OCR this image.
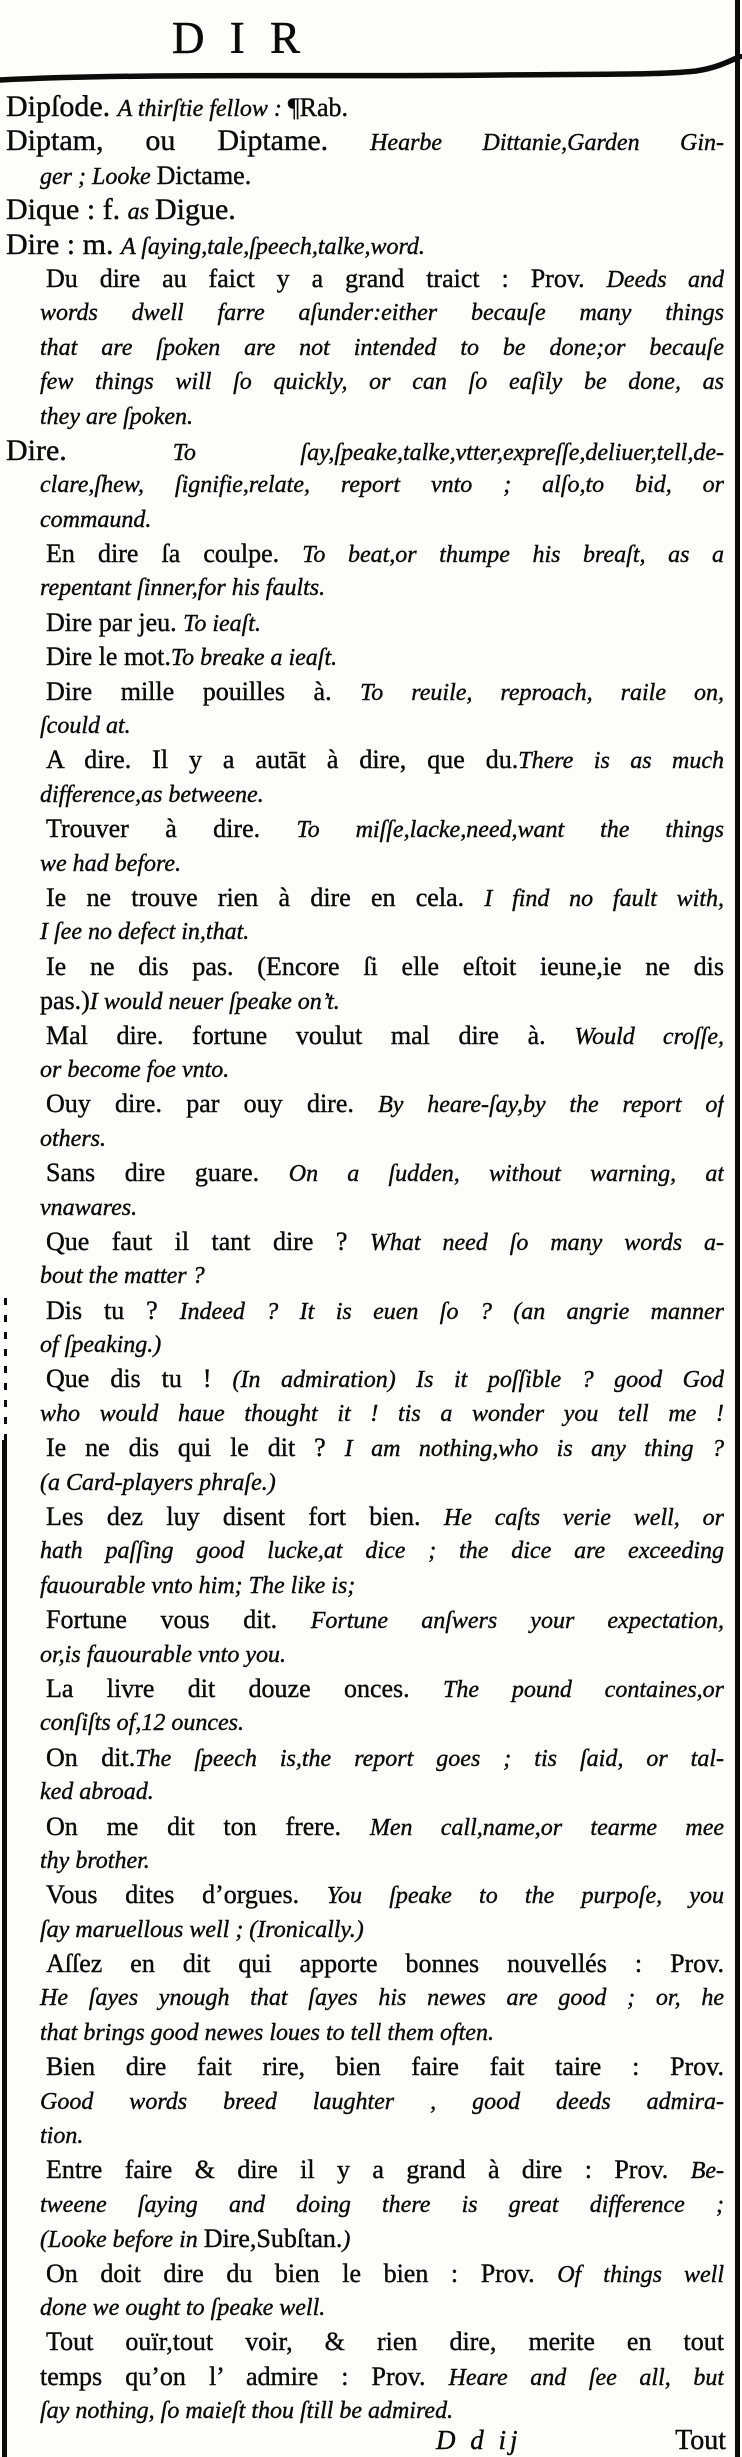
D I R
Dipſode. A thirſtie fellow : ¶Rab.
Diptam, ou Diptame. Hearbe Dittanie,Garden Gin-
ger ; Looke Dictame.
Dique : f. as Digue.
Dire : m. A ſaying,tale,ſpeech,talke,word.
Du dire au faict y a grand traict : Prov. Deeds and
words dwell farre aſunder:either becauſe many things
that are ſpoken are not intended to be done;or becauſe
few things will ſo quickly, or can ſo eaſily be done, as
they are ſpoken.
Dire. To ſay,ſpeake,talke,vtter,expreſſe,deliuer,tell,de-
clare,ſhew, ſignifie,relate, report vnto ; alſo,to bid, or
commaund.
En dire ſa coulpe. To beat,or thumpe his breaſt, as a
repentant ſinner,for his faults.
Dire par jeu. To ieaſt.
Dire le mot.To breake a ieaſt.
Dire mille pouilles à. To reuile, reproach, raile on,
ſcould at.
A dire. Il y a autāt à dire, que du.There is as much
difference,as betweene.
Trouver à dire. To miſſe,lacke,need,want the things
we had before.
Ie ne trouve rien à dire en cela. I find no fault with,
I ſee no defect in,that.
Ie ne dis pas. (Encore ſi elle eſtoit ieune,ie ne dis
pas.)I would neuer ſpeake on’t.
Mal dire. fortune voulut mal dire à. Would croſſe,
or become foe vnto.
Ouy dire. par ouy dire. By heare-ſay,by the report of
others.
Sans dire guare. On a ſudden, without warning, at
vnawares.
Que faut il tant dire ? What need ſo many words a-
bout the matter ?
Dis tu ? Indeed ? It is euen ſo ? (an angrie manner
of ſpeaking.)
Que dis tu ! (In admiration) Is it poſſible ? good God
who would haue thought it ! tis a wonder you tell me !
Ie ne dis qui le dit ? I am nothing,who is any thing ?
(a Card-players phraſe.)
Les dez luy disent fort bien. He caſts verie well, or
hath paſſing good lucke,at dice ; the dice are exceeding
fauourable vnto him; The like is;
Fortune vous dit. Fortune anſwers your expectation,
or,is fauourable vnto you.
La livre dit douze onces. The pound containes,or
conſiſts of,12 ounces.
On dit.The ſpeech is,the report goes ; tis ſaid, or tal-
ked abroad.
On me dit ton frere. Men call,name,or tearme mee
thy brother.
Vous dites d’orgues. You ſpeake to the purpoſe, you
ſay maruellous well ; (Ironically.)
Aſſez en dit qui apporte bonnes nouvellés : Prov.
He ſayes ynough that ſayes his newes are good ; or, he
that brings good newes loues to tell them often.
Bien dire fait rire, bien faire fait taire : Prov.
Good words breed laughter , good deeds admira-
tion.
Entre faire & dire il y a grand à dire : Prov. Be-
tweene ſaying and doing there is great difference ;
(Looke before in Dire,Subſtan.)
On doit dire du bien le bien : Prov. Of things well
done we ought to ſpeake well.
Tout ouïr,tout voir, & rien dire, merite en tout
temps qu’on l’ admire : Prov. Heare and ſee all, but
ſay nothing, ſo maieſt thou ſtill be admired.
D d ij	Tout
